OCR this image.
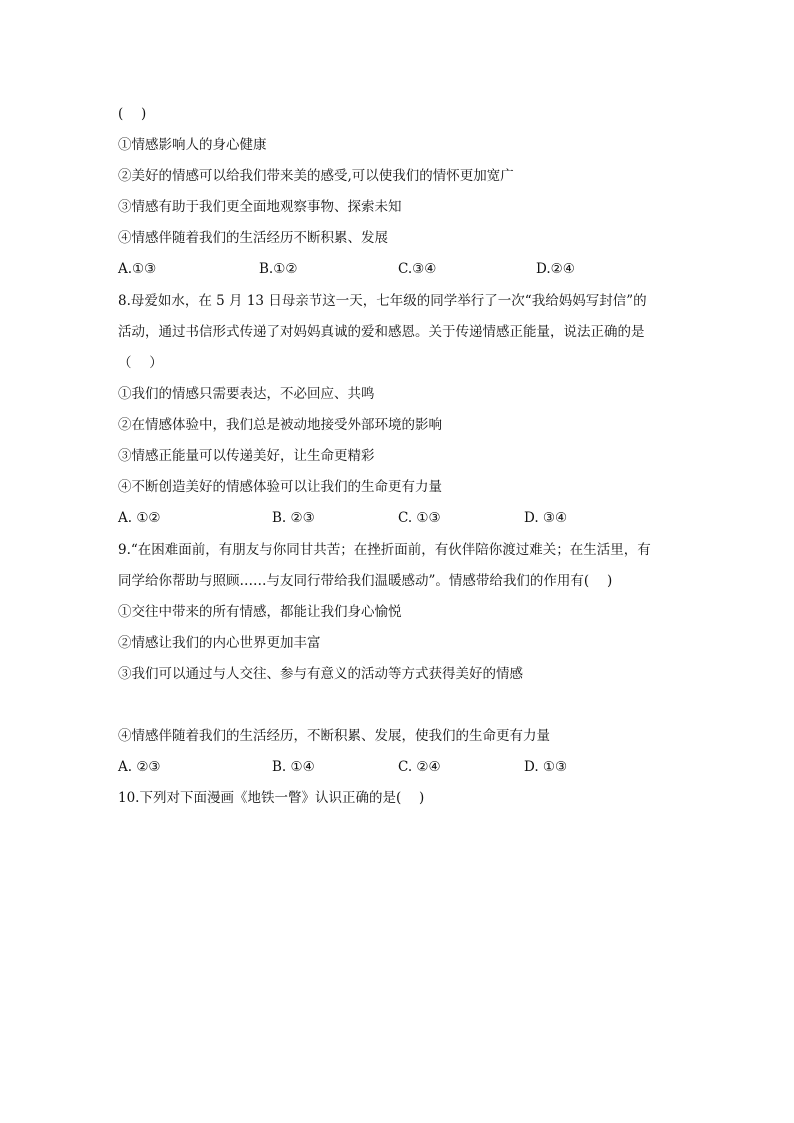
(　 )
①情感影响人的身心健康
②美好的情感可以给我们带来美的感受,可以使我们的情怀更加宽广
③情感有助于我们更全面地观察事物、探索未知
④情感伴随着我们的生活经历不断积累、发展
A.①③	B.①②	C.③④	D.②④
8.母爱如水，在 5 月 13 日母亲节这一天，七年级的同学举行了一次“我给妈妈写封信”的
活动，通过书信形式传递了对妈妈真诚的爱和感恩。关于传递情感正能量，说法正确的是
（　 ）
①我们的情感只需要表达，不必回应、共鸣
②在情感体验中，我们总是被动地接受外部环境的影响
③情感正能量可以传递美好，让生命更精彩
④不断创造美好的情感体验可以让我们的生命更有力量
A. ①②	B. ②③	C. ①③	D. ③④
9.“在困难面前，有朋友与你同甘共苦；在挫折面前，有伙伴陪你渡过难关；在生活里，有
同学给你帮助与照顾……与友同行带给我们温暖感动”。情感带给我们的作用有(　 )
①交往中带来的所有情感，都能让我们身心愉悦
②情感让我们的内心世界更加丰富
③我们可以通过与人交往、参与有意义的活动等方式获得美好的情感
④情感伴随着我们的生活经历，不断积累、发展，使我们的生命更有力量
A. ②③	B. ①④	C. ②④	D. ①③
10.下列对下面漫画《地铁一瞥》认识正确的是(　 )
